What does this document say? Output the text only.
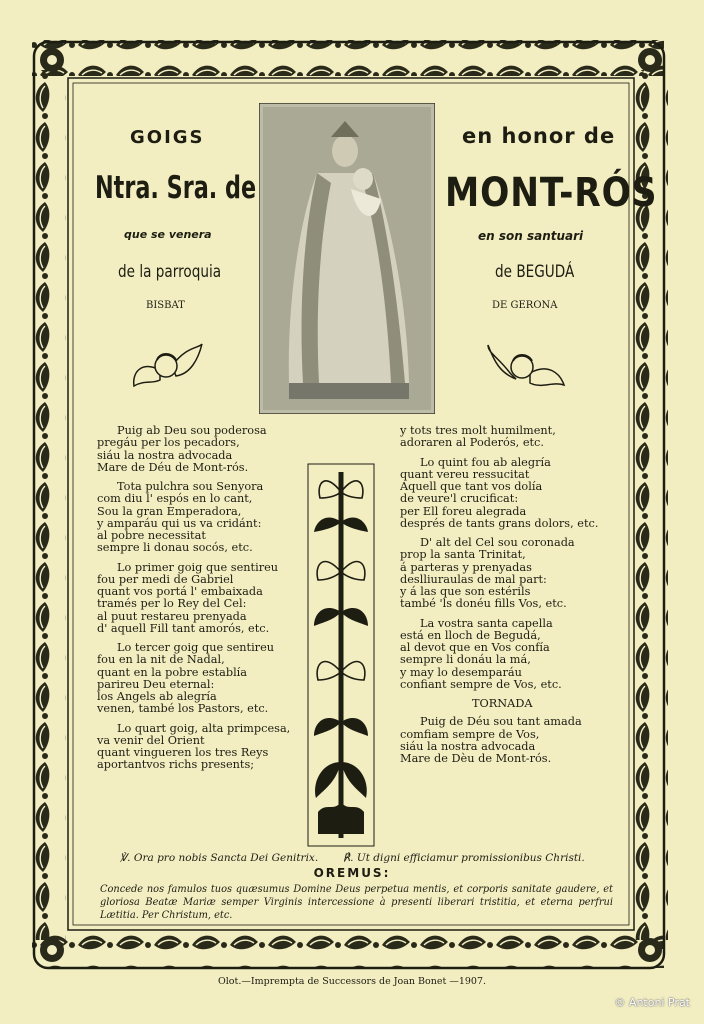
GOIGS	en honor de
Ntra. Sra. de	MONT-RÓS
que se venera	en son santuari
de la parroquia	de BEGUDÁ
BISBAT	DE GERONA

Puig ab Deu sou poderosa
pregáu per los pecadors,
siáu la nostra advocada
Mare de Déu de Mont-rós.

Tota pulchra sou Senyora
com diu l' espós en lo cant,
Sou la gran Emperadora,
y amparáu qui us va cridánt:
al pobre necessitat
sempre li donau socós, etc.

Lo primer goig que sentireu
fou per medi de Gabriel
quant vos portá l' embaixada
tramés per lo Rey del Cel:
al puut restareu prenyada
d' aquell Fill tant amorós, etc.

Lo tercer goig que sentireu
fou en la nit de Nadal,
quant en la pobre establía
parireu Deu eternal:
los Angels ab alegría
venen, també los Pastors, etc.

Lo quart goig, alta primpcesa,
va venir del Orient
quant vingueren los tres Reys
aportantvos richs presents;

y tots tres molt humilment,
adoraren al Poderós, etc.

Lo quint fou ab alegría
quant vereu ressucitat
Aquell que tant vos dolía
de veure'l crucificat:
per Ell foreu alegrada
després de tants grans dolors, etc.

D' alt del Cel sou coronada
prop la santa Trinitat,
á parteras y prenyadas
deslliuraulas de mal part:
y á las que son estérils
també 'ls donéu fills Vos, etc.

La vostra santa capella
está en lloch de Begudá,
al devot que en Vos confía
sempre li donáu la má,
y may lo desemparáu
confiant sempre de Vos, etc.

TORNADA

Puig de Déu sou tant amada
comfiam sempre de Vos,
siáu la nostra advocada
Mare de Dèu de Mont-rós.

℣. Ora pro nobis Sancta Dei Genitrix. ℟. Ut digni efficiamur promissionibus Christi.
OREMUS:
Concede nos famulos tuos quæsumus Domine Deus perpetua mentis, et corporis sanitate gaudere, et gloriosa Beatæ Mariæ semper Virginis intercessione à presenti liberari tristitia, et eterna perfrui Lætitia. Per Christum, etc.
Olot.—Imprempta de Successors de Joan Bonet —1907.
© Antoni Prat
